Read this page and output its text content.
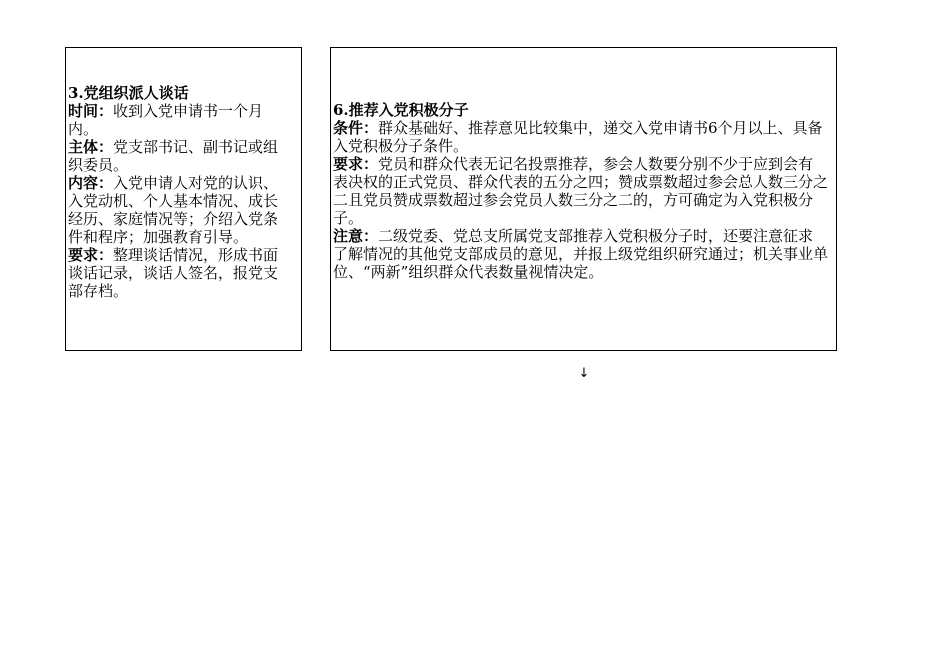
3.党组织派人谈话

时间：收到入党申请书一个月内。

主体：党支部书记、副书记或组织委员。

内容：入党申请人对党的认识、入党动机、个人基本情况、成长经历、家庭情况等；介绍入党条件和程序；加强教育引导。

要求：整理谈话情况，形成书面谈话记录，谈话人签名，报党支部存档。

6.推荐入党积极分子

条件：群众基础好、推荐意见比较集中，递交入党申请书6个月以上、具备入党积极分子条件。

要求：党员和群众代表无记名投票推荐，参会人数要分别不少于应到会有表决权的正式党员、群众代表的五分之四；赞成票数超过参会总人数三分之二且党员赞成票数超过参会党员人数三分之二的，方可确定为入党积极分子。

注意：二级党委、党总支所属党支部推荐入党积极分子时，还要注意征求了解情况的其他党支部成员的意见，并报上级党组织研究通过；机关事业单位、“两新”组织群众代表数量视情决定。

↓
